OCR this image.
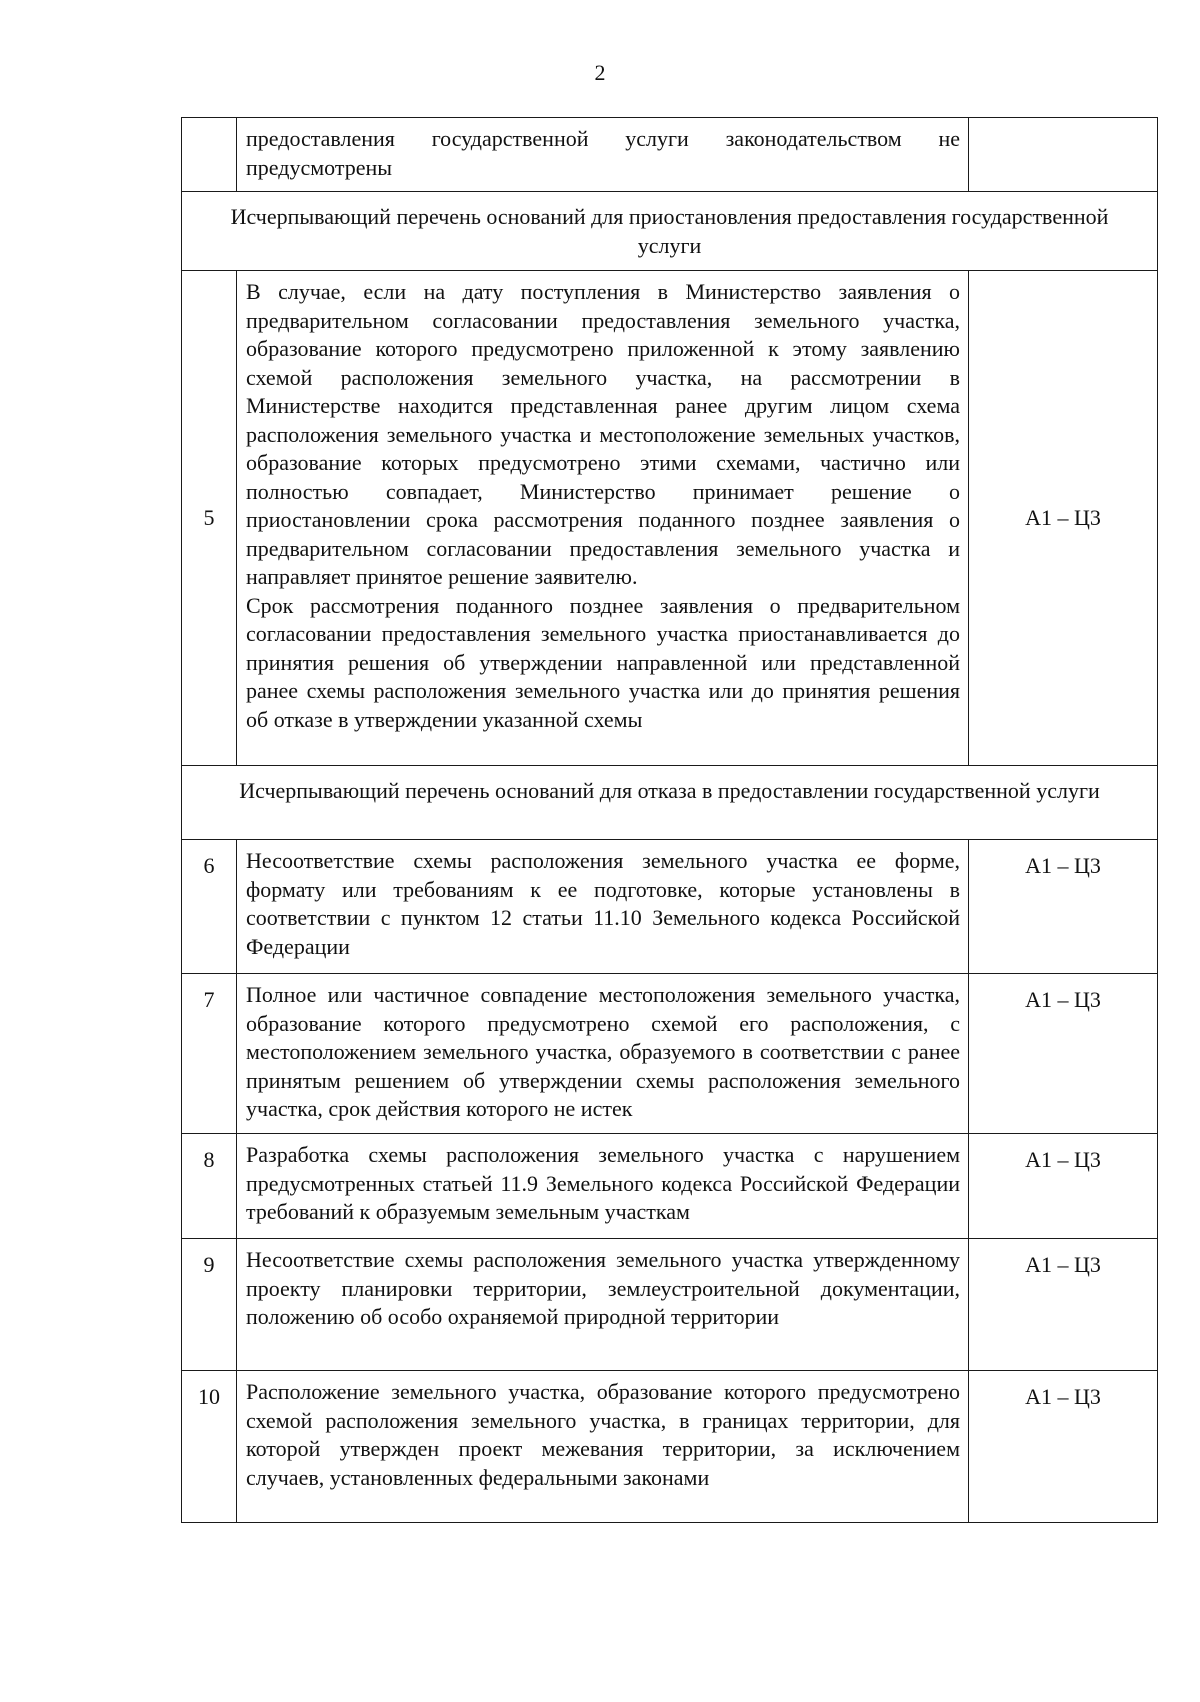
2
	предоставления государственной услуги законодательством не предусмотрены	
Исчерпывающий перечень оснований для приостановления предоставления государственной услуги		
5	В случае, если на дату поступления в Министерство заявления о предварительном согласовании предоставления земельного участка, образование которого предусмотрено приложенной к этому заявлению схемой расположения земельного участка, на рассмотрении в Министерстве находится представленная ранее другим лицом схема расположения земельного участка и местоположение земельных участков, образование которых предусмотрено этими схемами, частично или полностью совпадает, Министерство принимает решение о приостановлении срока рассмотрения поданного позднее заявления о предварительном согласовании предоставления земельного участка и направляет принятое решение заявителю.
Срок рассмотрения поданного позднее заявления о предварительном согласовании предоставления земельного участка приостанавливается до принятия решения об утверждении направленной или представленной ранее схемы расположения земельного участка или до принятия решения об отказе в утверждении указанной схемы	А1 – Ц3
Исчерпывающий перечень оснований для отказа в предоставлении государственной услуги		
6	Несоответствие схемы расположения земельного участка ее форме, формату или требованиям к ее подготовке, которые установлены в соответствии с пунктом 12 статьи 11.10 Земельного кодекса Российской Федерации	А1 – Ц3
7	Полное или частичное совпадение местоположения земельного участка, образование которого предусмотрено схемой его расположения, с местоположением земельного участка, образуемого в соответствии с ранее принятым решением об утверждении схемы расположения земельного участка, срок действия которого не истек	А1 – Ц3
8	Разработка схемы расположения земельного участка с нарушением предусмотренных статьей 11.9 Земельного кодекса Российской Федерации требований к образуемым земельным участкам	А1 – Ц3
9	Несоответствие схемы расположения земельного участка утвержденному проекту планировки территории, землеустроительной документации, положению об особо охраняемой природной территории	А1 – Ц3
10	Расположение земельного участка, образование которого предусмотрено схемой расположения земельного участка, в границах территории, для которой утвержден проект межевания территории, за исключением случаев, установленных федеральными законами	А1 – Ц3
